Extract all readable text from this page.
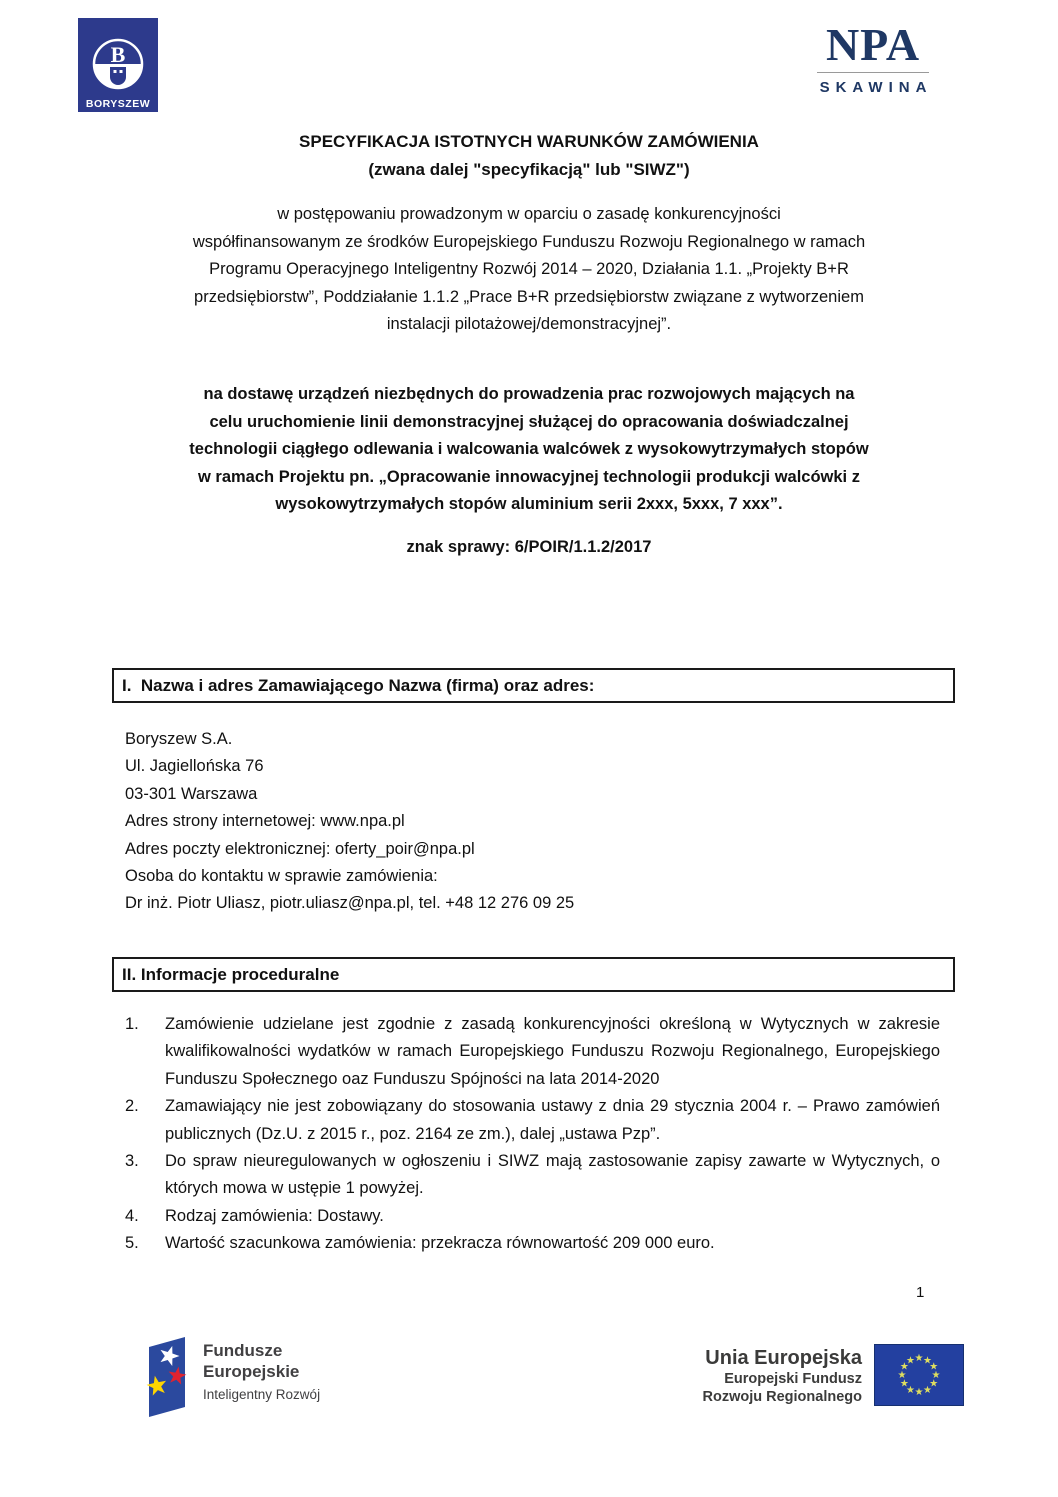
B
BORYSZEW
NPA
SKAWINA
SPECYFIKACJA ISTOTNYCH WARUNKÓW ZAMÓWIENIA
(zwana dalej "specyfikacją" lub "SIWZ")
w postępowaniu prowadzonym w oparciu o zasadę konkurencyjności
współfinansowanym ze środków Europejskiego Funduszu Rozwoju Regionalnego w ramach
Programu Operacyjnego Inteligentny Rozwój 2014 – 2020, Działania 1.1. „Projekty B+R
przedsiębiorstw”, Poddziałanie 1.1.2 „Prace B+R przedsiębiorstw związane z wytworzeniem
instalacji pilotażowej/demonstracyjnej”.
na dostawę urządzeń niezbędnych do prowadzenia prac rozwojowych mających na
celu uruchomienie linii demonstracyjnej służącej do opracowania doświadczalnej
technologii ciągłego odlewania i walcowania walcówek z wysokowytrzymałych stopów
w ramach Projektu pn. „Opracowanie innowacyjnej technologii produkcji walcówki z
wysokowytrzymałych stopów aluminium serii 2xxx, 5xxx, 7 xxx”.
znak sprawy: 6/POIR/1.1.2/2017
I.  Nazwa i adres Zamawiającego Nazwa (firma) oraz adres:
Boryszew S.A.
Ul. Jagiellońska 76
03-301 Warszawa
Adres strony internetowej: www.npa.pl
Adres poczty elektronicznej: oferty_poir@npa.pl
Osoba do kontaktu w sprawie zamówienia:
Dr inż. Piotr Uliasz, piotr.uliasz@npa.pl, tel. +48 12 276 09 25
II. Informacje proceduralne
1.	Zamówienie udzielane jest zgodnie z zasadą konkurencyjności określoną w Wytycznych w zakresie kwalifikowalności wydatków w ramach Europejskiego Funduszu Rozwoju Regionalnego, Europejskiego Funduszu Społecznego oaz Funduszu Spójności na lata 2014-2020
2.	Zamawiający nie jest zobowiązany do stosowania ustawy z dnia 29 stycznia 2004 r. – Prawo zamówień publicznych (Dz.U. z 2015 r., poz. 2164 ze zm.), dalej „ustawa Pzp”.
3.	Do spraw nieuregulowanych w ogłoszeniu i SIWZ mają zastosowanie zapisy zawarte w Wytycznych, o których mowa w ustępie 1 powyżej.
4.	Rodzaj zamówienia: Dostawy.
5.	Wartość szacunkowa zamówienia: przekracza równowartość 209 000 euro.
1
Fundusze
Europejskie
Inteligentny Rozwój
Unia Europejska
Europejski Fundusz
Rozwoju Regionalnego
★
★
★
★
★
★
★
★
★ ★ ★
★
